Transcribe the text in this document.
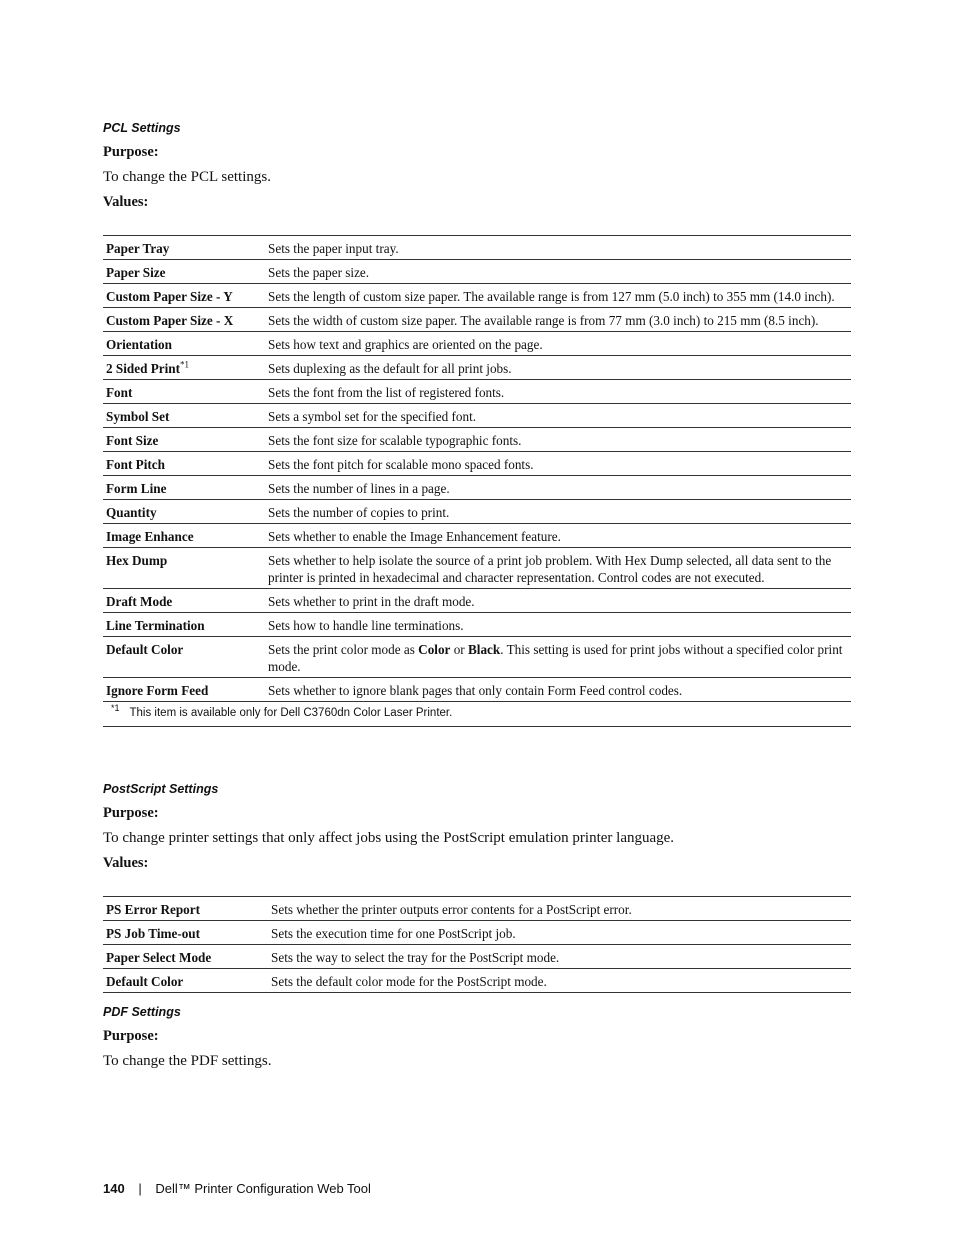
PCL Settings
Purpose:
To change the PCL settings.
Values:
Paper Tray	Sets the paper input tray.
Paper Size	Sets the paper size.
Custom Paper Size - Y	Sets the length of custom size paper. The available range is from 127 mm (5.0 inch) to 355 mm (14.0 inch).
Custom Paper Size - X	Sets the width of custom size paper. The available range is from 77 mm (3.0 inch) to 215 mm (8.5 inch).
Orientation	Sets how text and graphics are oriented on the page.
2 Sided Print$^{*1}$	Sets duplexing as the default for all print jobs.
Font	Sets the font from the list of registered fonts.
Symbol Set	Sets a symbol set for the specified font.
Font Size	Sets the font size for scalable typographic fonts.
Font Pitch	Sets the font pitch for scalable mono spaced fonts.
Form Line	Sets the number of lines in a page.
Quantity	Sets the number of copies to print.
Image Enhance	Sets whether to enable the Image Enhancement feature.
Hex Dump	Sets whether to help isolate the source of a print job problem. With Hex Dump selected, all data sent to the printer is printed in hexadecimal and character representation. Control codes are not executed.
Draft Mode	Sets whether to print in the draft mode.
Line Termination	Sets how to handle line terminations.
Default Color	Sets the print color mode as Color or Black. This setting is used for print jobs without a specified color print mode.
Ignore Form Feed	Sets whether to ignore blank pages that only contain Form Feed control codes.
$^{*1}$ This item is available only for Dell C3760dn Color Laser Printer.	
PostScript Settings
Purpose:
To change printer settings that only affect jobs using the PostScript emulation printer language.
Values:
PS Error Report	Sets whether the printer outputs error contents for a PostScript error.
PS Job Time-out	Sets the execution time for one PostScript job.
Paper Select Mode	Sets the way to select the tray for the PostScript mode.
Default Color	Sets the default color mode for the PostScript mode.
PDF Settings
Purpose:
To change the PDF settings.
140 | Dell™ Printer Configuration Web Tool
